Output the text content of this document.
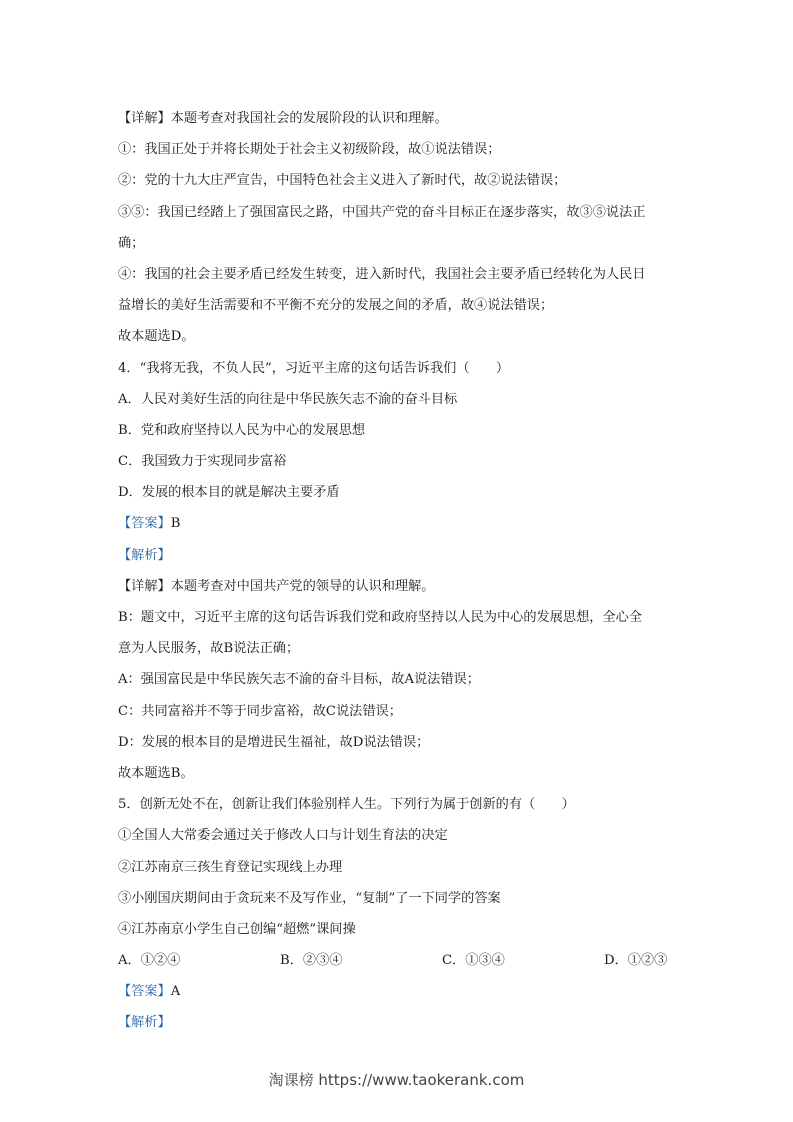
【详解】本题考查对我国社会的发展阶段的认识和理解。
①：我国正处于并将长期处于社会主义初级阶段，故①说法错误；
②：党的十九大庄严宣告，中国特色社会主义进入了新时代，故②说法错误；
③⑤：我国已经踏上了强国富民之路，中国共产党的奋斗目标正在逐步落实，故③⑤说法正
确；
④：我国的社会主要矛盾已经发生转变，进入新时代，我国社会主要矛盾已经转化为人民日
益增长的美好生活需要和不平衡不充分的发展之间的矛盾，故④说法错误；
故本题选D。
4．“我将无我，不负人民”，习近平主席的这句话告诉我们（　　）
A．人民对美好生活的向往是中华民族矢志不渝的奋斗目标
B．党和政府坚持以人民为中心的发展思想
C．我国致力于实现同步富裕
D．发展的根本目的就是解决主要矛盾
【答案】B
【解析】
【详解】本题考查对中国共产党的领导的认识和理解。
B：题文中，习近平主席的这句话告诉我们党和政府坚持以人民为中心的发展思想，全心全
意为人民服务，故B说法正确；
A：强国富民是中华民族矢志不渝的奋斗目标，故A说法错误；
C：共同富裕并不等于同步富裕，故C说法错误；
D：发展的根本目的是增进民生福祉，故D说法错误；
故本题选B。
5．创新无处不在，创新让我们体验别样人生。下列行为属于创新的有（　　）
①全国人大常委会通过关于修改人口与计划生育法的决定
②江苏南京三孩生育登记实现线上办理
③小刚国庆期间由于贪玩来不及写作业，“复制”了一下同学的答案
④江苏南京小学生自己创编“超燃”课间操
A．①②④	B．②③④	C．①③④	D．①②③
【答案】A
【解析】
淘课榜 https://www.taokerank.com
